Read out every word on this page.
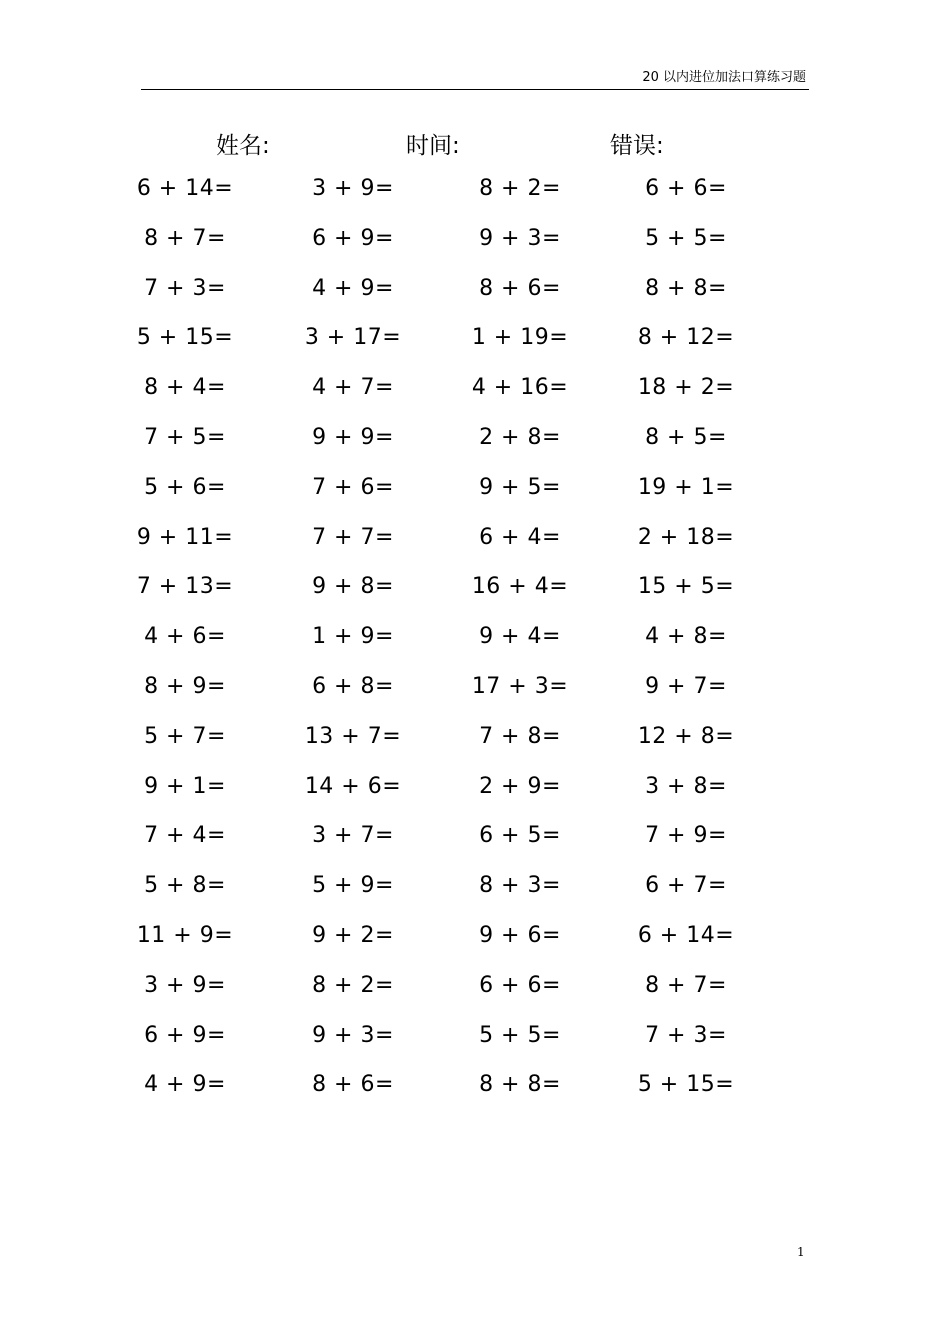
20 以内进位加法口算练习题
姓名:	时间:	错误:
6 + 14=	3 + 9=	8 + 2=	6 + 6=
8 + 7=	6 + 9=	9 + 3=	5 + 5=
7 + 3=	4 + 9=	8 + 6=	8 + 8=
5 + 15=	3 + 17=	1 + 19=	8 + 12=
8 + 4=	4 + 7=	4 + 16=	18 + 2=
7 + 5=	9 + 9=	2 + 8=	8 + 5=
5 + 6=	7 + 6=	9 + 5=	19 + 1=
9 + 11=	7 + 7=	6 + 4=	2 + 18=
7 + 13=	9 + 8=	16 + 4=	15 + 5=
4 + 6=	1 + 9=	9 + 4=	4 + 8=
8 + 9=	6 + 8=	17 + 3=	9 + 7=
5 + 7=	13 + 7=	7 + 8=	12 + 8=
9 + 1=	14 + 6=	2 + 9=	3 + 8=
7 + 4=	3 + 7=	6 + 5=	7 + 9=
5 + 8=	5 + 9=	8 + 3=	6 + 7=
11 + 9=	9 + 2=	9 + 6=	6 + 14=
3 + 9=	8 + 2=	6 + 6=	8 + 7=
6 + 9=	9 + 3=	5 + 5=	7 + 3=
4 + 9=	8 + 6=	8 + 8=	5 + 15=
1
